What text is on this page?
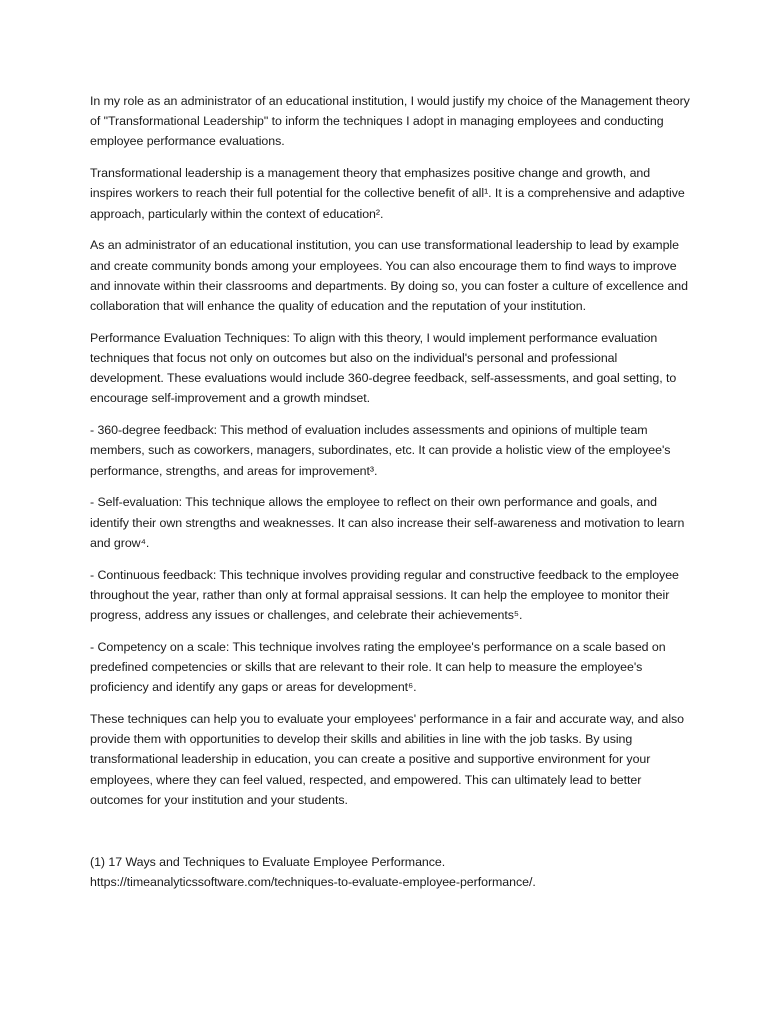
In my role as an administrator of an educational institution, I would justify my choice of the Management theory of "Transformational Leadership" to inform the techniques I adopt in managing employees and conducting employee performance evaluations.

Transformational leadership is a management theory that emphasizes positive change and growth, and inspires workers to reach their full potential for the collective benefit of all¹. It is a comprehensive and adaptive approach, particularly within the context of education².

As an administrator of an educational institution, you can use transformational leadership to lead by example and create community bonds among your employees. You can also encourage them to find ways to improve and innovate within their classrooms and departments. By doing so, you can foster a culture of excellence and collaboration that will enhance the quality of education and the reputation of your institution.

Performance Evaluation Techniques: To align with this theory, I would implement performance evaluation techniques that focus not only on outcomes but also on the individual's personal and professional development. These evaluations would include 360-degree feedback, self-assessments, and goal setting, to encourage self-improvement and a growth mindset.

- 360-degree feedback: This method of evaluation includes assessments and opinions of multiple team members, such as coworkers, managers, subordinates, etc. It can provide a holistic view of the employee's performance, strengths, and areas for improvement³.

- Self-evaluation: This technique allows the employee to reflect on their own performance and goals, and identify their own strengths and weaknesses. It can also increase their self-awareness and motivation to learn and grow⁴.

- Continuous feedback: This technique involves providing regular and constructive feedback to the employee throughout the year, rather than only at formal appraisal sessions. It can help the employee to monitor their progress, address any issues or challenges, and celebrate their achievements⁵.

- Competency on a scale: This technique involves rating the employee's performance on a scale based on predefined competencies or skills that are relevant to their role. It can help to measure the employee's proficiency and identify any gaps or areas for development⁶.

These techniques can help you to evaluate your employees' performance in a fair and accurate way, and also provide them with opportunities to develop their skills and abilities in line with the job tasks. By using transformational leadership in education, you can create a positive and supportive environment for your employees, where they can feel valued, respected, and empowered. This can ultimately lead to better outcomes for your institution and your students.

(1) 17 Ways and Techniques to Evaluate Employee Performance.
https://timeanalyticssoftware.com/techniques-to-evaluate-employee-performance/.
